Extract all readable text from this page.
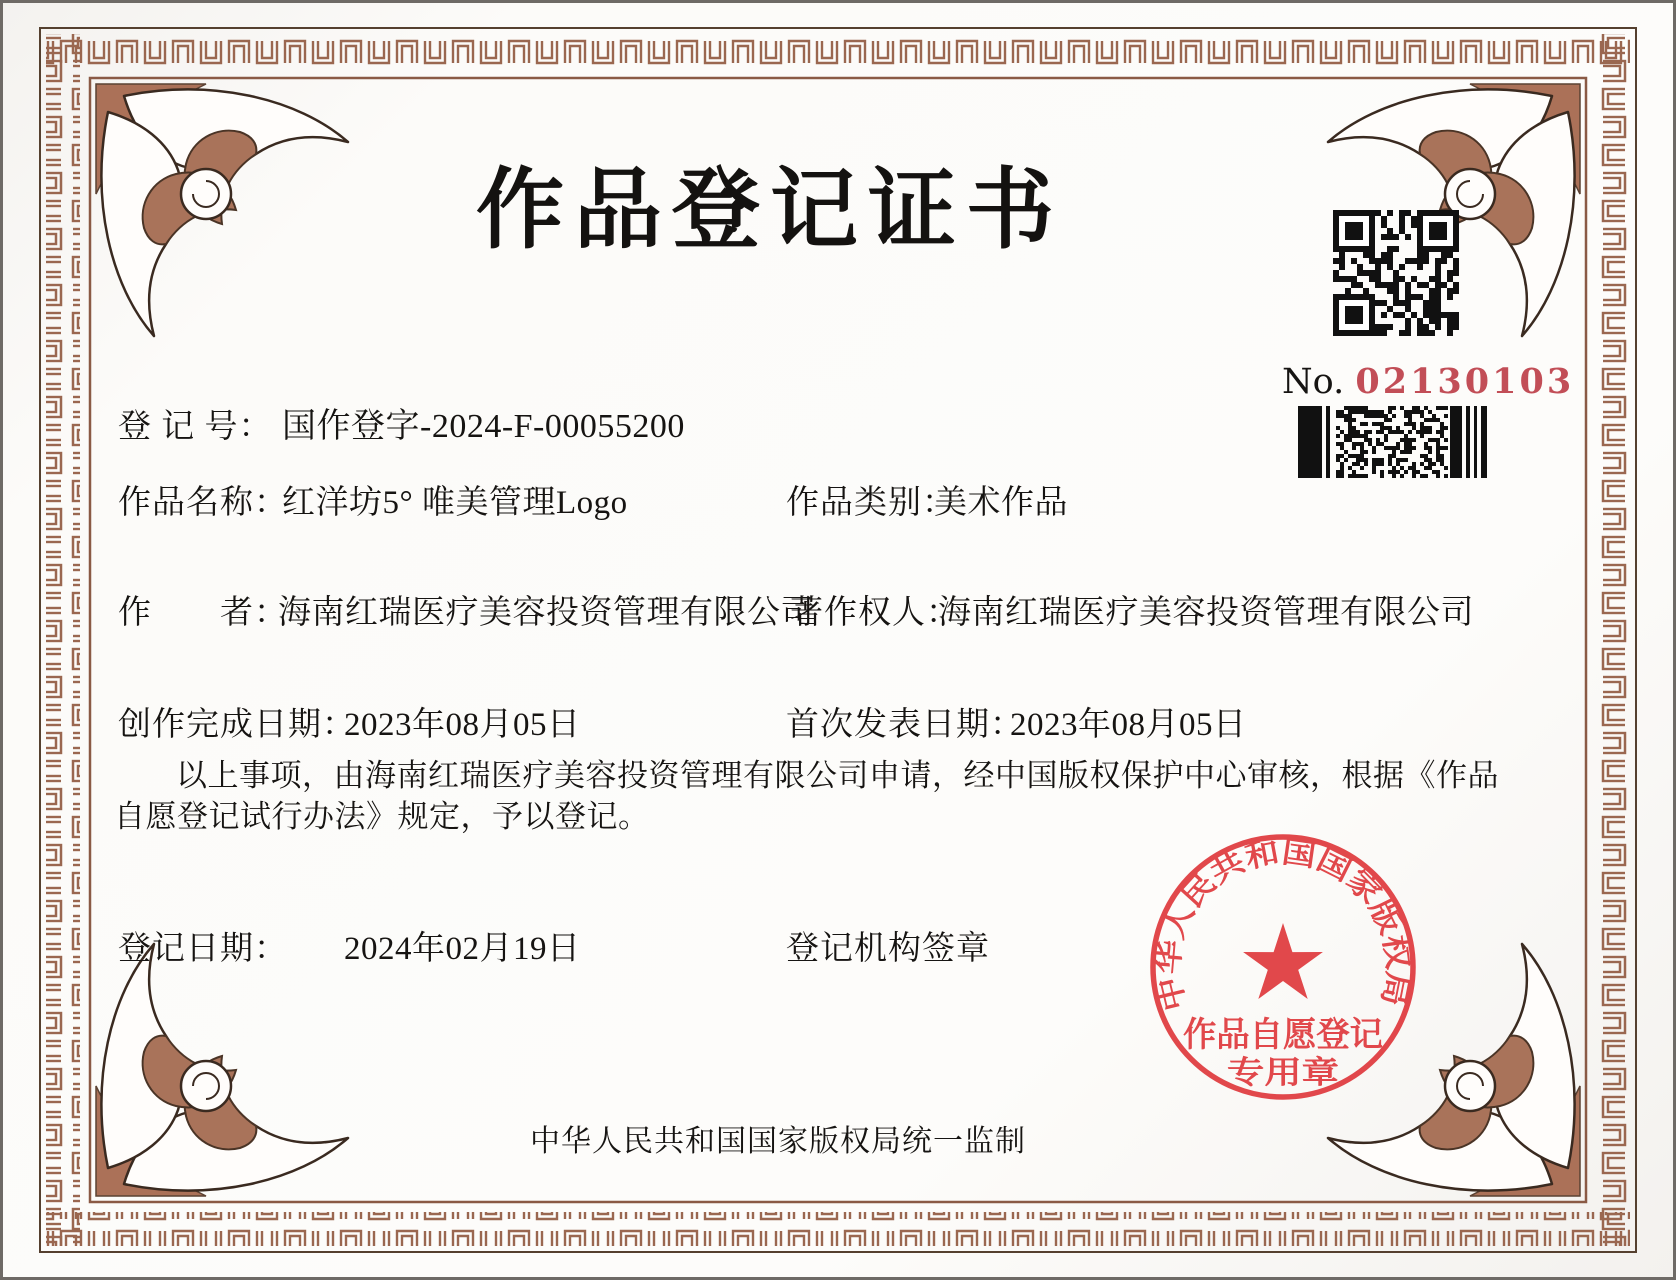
作品登记证书
No. 02130103
登 记 号： 国作登字-2024-F-00055200
作品名称：
红洋坊5° 唯美管理Logo	作品类别：
美术作品
作　　者：
海南红瑞医疗美容投资管理有限公司
著作权人：
海南红瑞医疗美容投资管理有限公司
创作完成日期：
2023年08月05日	首次发表日期：
2023年08月05日
以上事项，由海南红瑞医疗美容投资管理有限公司申请，经中国版权保护中心审核，根据《作品自愿登记试行办法》规定，予以登记。
登记日期： 2024年02月19日	登记机构签章
中华人民共和国国家版权局
作品自愿登记
专用章
中华人民共和国国家版权局统一监制
